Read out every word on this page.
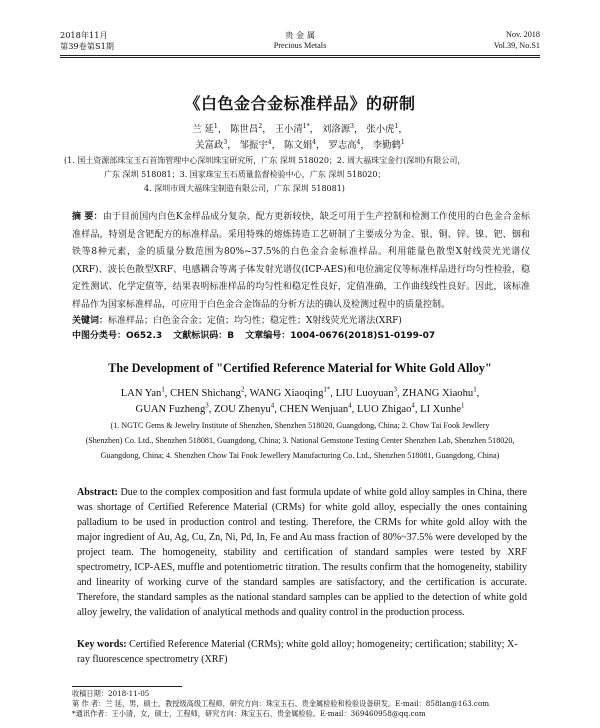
2018年11月
第39卷第S1期
贵 金 属
Precious Metals
Nov. 2018
Vol.39, No.S1
《白色金合金标准样品》的研制
兰 延$^1$， 陈世昌$^2$， 王小清$^{1*}$， 刘洛源$^3$， 张小虎$^1$，
关富政$^3$， 邹振宇$^4$， 陈文娟$^4$， 罗志高$^4$， 李勤鹤$^1$
(1. 国土资源部珠宝玉石首饰管理中心深圳珠宝研究所，广东 深圳 518020；2. 周大福珠宝金行(深圳)有限公司，
广东 深圳 518081；3. 国家珠宝玉石质量监督检验中心，广东 深圳 518020；
4. 深圳市周大福珠宝制造有限公司，广东 深圳 518081)
摘 要：由于目前国内白色K金样品成分复杂、配方更新较快，缺乏可用于生产控制和检测工作使用的白色金合金标准样品，特别是含钯配方的标准样品。采用特殊的熔炼铸造工艺研制了主要成分为金、银、铜、锌、镍、钯、铟和铁等8种元素，金的质量分数范围为80%~37.5%的白色金合金标准样品。利用能量色散型X射线荧光光谱仪(XRF)、波长色散型XRF、电感耦合等离子体发射光谱仪(ICP-AES)和电位滴定仪等标准样品进行均匀性检验，稳定性测试、化学定值等，结果表明标准样品的均匀性和稳定性良好，定值准确，工作曲线线性良好。因此，该标准样品作为国家标准样品，可应用于白色金合金饰品的分析方法的确认及检测过程中的质量控制。
关键词：标准样品；白色金合金；定值；均匀性；稳定性；X射线荧光光谱法(XRF)
中图分类号：O652.3 文献标识码：B 文章编号：1004-0676(2018)S1-0199-07
The Development of "Certified Reference Material for White Gold Alloy"
LAN Yan$^1$, CHEN Shichang$^2$, WANG Xiaoqing$^{1*}$, LIU Luoyuan$^3$, ZHANG Xiaohu$^1$,
GUAN Fuzheng$^3$, ZOU Zhenyu$^4$, CHEN Wenjuan$^4$, LUO Zhigao$^4$, LI Xunhe$^1$
(1. NGTC Gems & Jewelry Institute of Shenzhen, Shenzhen 518020, Guangdong, China; 2. Chow Tai Fook Jewllery
(Shenzhen) Co. Ltd., Shenzhen 518081, Guangdong, China; 3. National Gemstone Testing Center Shenzhen Lab, Shenzhen 518020,
Guangdong, China; 4. Shenzhen Chow Tai Fook Jewellery Manufacturing Co. Ltd., Shenzhen 518081, Guangdong, China)
Abstract: Due to the complex composition and fast formula update of white gold alloy samples in China, there was shortage of Certified Reference Material (CRMs) for white gold alloy, especially the ones containing palladium to be used in production control and testing. Therefore, the CRMs for white gold alloy with the major ingredient of Au, Ag, Cu, Zn, Ni, Pd, In, Fe and Au mass fraction of 80%~37.5% were developed by the project team. The homogeneity, stability and certification of standard samples were tested by XRF spectrometry, ICP-AES, muffle and potentiometric titration. The results confirm that the homogeneity, stability and linearity of working curve of the standard samples are satisfactory, and the certification is accurate. Therefore, the standard samples as the national standard samples can be applied to the detection of white gold alloy jewelry, the validation of analytical methods and quality control in the production process.
Key words: Certified Reference Material (CRMs); white gold alloy; homogeneity; certification; stability; X-ray fluorescence spectrometry (XRF)
收稿日期：2018-11-05
第 作 者：兰 延，男，硕士，教授级高级工程师，研究方向：珠宝玉石、贵金属检验和检验设备研发。E-mail：858lan@163.com
*通讯作者：王小清，女，硕士，工程师，研究方向：珠宝玉石、贵金属检验。E-mail：369460958@qq.com
